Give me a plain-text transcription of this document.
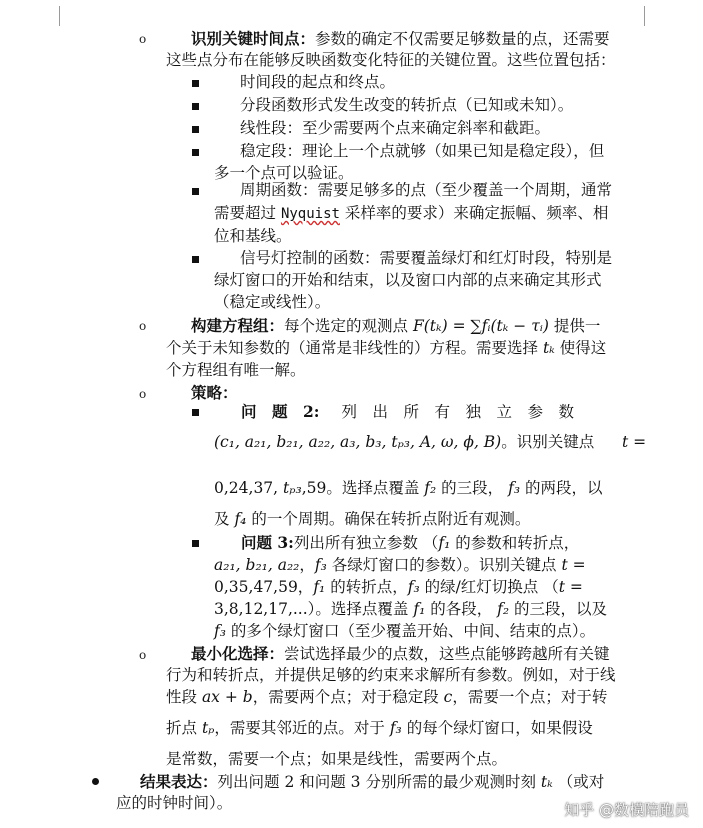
o	识别关键时间点：参数的确定不仅需要足够数量的点，还需要
这些点分布在能够反映函数变化特征的关键位置。这些位置包括：
时间段的起点和终点。
分段函数形式发生改变的转折点（已知或未知）。
线性段：至少需要两个点来确定斜率和截距。
稳定段：理论上一个点就够（如果已知是稳定段），但
多一个点可以验证。
周期函数：需要足够多的点（至少覆盖一个周期，通常
需要超过 Nyquist 采样率的要求）来确定振幅、频率、相
位和基线。
信号灯控制的函数：需要覆盖绿灯和红灯时段，特别是
绿灯窗口的开始和结束，以及窗口内部的点来确定其形式
（稳定或线性）。
o	构建方程组：每个选定的观测点 F(tₖ) = ∑fᵢ(tₖ − τᵢ) 提供一
个关于未知参数的（通常是非线性的）方程。需要选择 tₖ 使得这
个方程组有唯一解。
o	策略：
问　题　2: 列　出　所　有　独　立　参　数
(c₁, a₂₁, b₂₁, a₂₂, a₃, b₃, tₚ₃, A, ω, ϕ, B)。识别关键点 t =
0,24,37, tₚ₃,59。选择点覆盖 f₂ 的三段， f₃ 的两段，以
及 f₄ 的一个周期。确保在转折点附近有观测。
问题 3:列出所有独立参数 （f₁ 的参数和转折点，
a₂₁, b₂₁, a₂₂，f₃ 各绿灯窗口的参数）。识别关键点 t =
0,35,47,59，f₁ 的转折点，f₃ 的绿/红灯切换点 （t =
3,8,12,17,...）。选择点覆盖 f₁ 的各段， f₂ 的三段，以及
f₃ 的多个绿灯窗口（至少覆盖开始、中间、结束的点）。
o	最小化选择：尝试选择最少的点数，这些点能够跨越所有关键
行为和转折点，并提供足够的约束来求解所有参数。例如，对于线
性段 ax + b，需要两个点；对于稳定段 c，需要一个点；对于转
折点 tₚ，需要其邻近的点。对于 f₃ 的每个绿灯窗口，如果假设
是常数，需要一个点；如果是线性，需要两个点。
结果表达：列出问题 2 和问题 3 分别所需的最少观测时刻 tₖ （或对
应的时钟时间）。	知乎 @数模陪跑员
